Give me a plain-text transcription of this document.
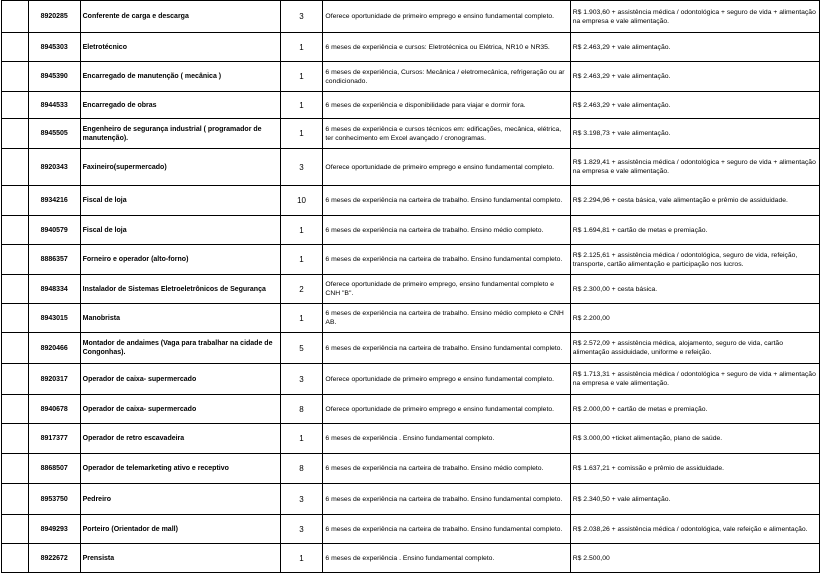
	8920285	Conferente de carga e descarga	3	Oferece oportunidade de primeiro emprego e ensino fundamental completo.	R$ 1.903,60 + assistência médica / odontológica + seguro de vida + alimentação na empresa e vale alimentação.
	8945303	Eletrotécnico	1	6 meses de experiência e cursos: Eletrotécnica ou Elétrica, NR10 e NR35.	R$ 2.463,29 + vale alimentação.
	8945390	Encarregado de manutenção ( mecânica )	1	6 meses de experiência, Cursos: Mecânica / eletromecânica, refrigeração ou ar condicionado.	R$ 2.463,29 + vale alimentação.
	8944533	Encarregado de obras	1	6 meses de experiência e disponibilidade para viajar e dormir fora.	R$ 2.463,29 + vale alimentação.
	8945505	Engenheiro de segurança industrial ( programador de manutenção).	1	6 meses de experiência e cursos técnicos em: edificações, mecânica, elétrica, ter conhecimento em Excel avançado / cronogramas.	R$ 3.198,73 + vale alimentação.
	8920343	Faxineiro(supermercado)	3	Oferece oportunidade de primeiro emprego e ensino fundamental completo.	R$ 1.829,41 + assistência médica / odontológica + seguro de vida + alimentação na empresa e vale alimentação.
	8934216	Fiscal de loja	10	6 meses de experiência na carteira de trabalho. Ensino fundamental completo.	R$ 2.294,96 + cesta básica, vale alimentação e prêmio de assiduidade.
	8940579	Fiscal de loja	1	6 meses de experiência na carteira de trabalho. Ensino médio completo.	R$ 1.694,81 + cartão de metas e premiação.
	8886357	Forneiro e operador (alto-forno)	1	6 meses de experiência na carteira de trabalho. Ensino fundamental completo.	R$ 2.125,61 + assistência médica / odontológica, seguro de vida, refeição, transporte, cartão alimentação e participação nos lucros.
	8948334	Instalador de Sistemas Eletroeletrônicos de Segurança	2	Oferece oportunidade de primeiro emprego, ensino fundamental completo e CNH "B".	R$ 2.300,00 + cesta básica.
	8943015	Manobrista	1	6 meses de experiência na carteira de trabalho. Ensino médio completo e CNH AB.	R$ 2.200,00
	8920466	Montador de andaimes (Vaga para trabalhar na cidade de Congonhas).	5	6 meses de experiência na carteira de trabalho. Ensino fundamental completo.	R$ 2.572,09 + assistência médica, alojamento, seguro de vida, cartão alimentação assiduidade, uniforme e refeição.
	8920317	Operador de caixa- supermercado	3	Oferece oportunidade de primeiro emprego e ensino fundamental completo.	R$ 1.713,31 + assistência médica / odontológica + seguro de vida + alimentação na empresa e vale alimentação.
	8940678	Operador de caixa- supermercado	8	Oferece oportunidade de primeiro emprego e ensino fundamental completo.	R$ 2.000,00 + cartão de metas e premiação.
	8917377	Operador de retro escavadeira	1	6 meses de experiência . Ensino fundamental completo.	R$ 3.000,00 +ticket alimentação, plano de saúde.
	8868507	Operador de telemarketing ativo e receptivo	8	6 meses de experiência na carteira de trabalho. Ensino médio completo.	R$ 1.637,21 + comissão e prêmio de assiduidade.
	8953750	Pedreiro	3	6 meses de experiência na carteira de trabalho. Ensino fundamental completo.	R$ 2.340,50 + vale alimentação.
	8949293	Porteiro (Orientador de mall)	3	6 meses de experiência na carteira de trabalho. Ensino fundamental completo.	R$ 2.038,26 + assistência médica / odontológica, vale refeição e alimentação.
	8922672	Prensista	1	6 meses de experiência . Ensino fundamental completo.	R$ 2.500,00
